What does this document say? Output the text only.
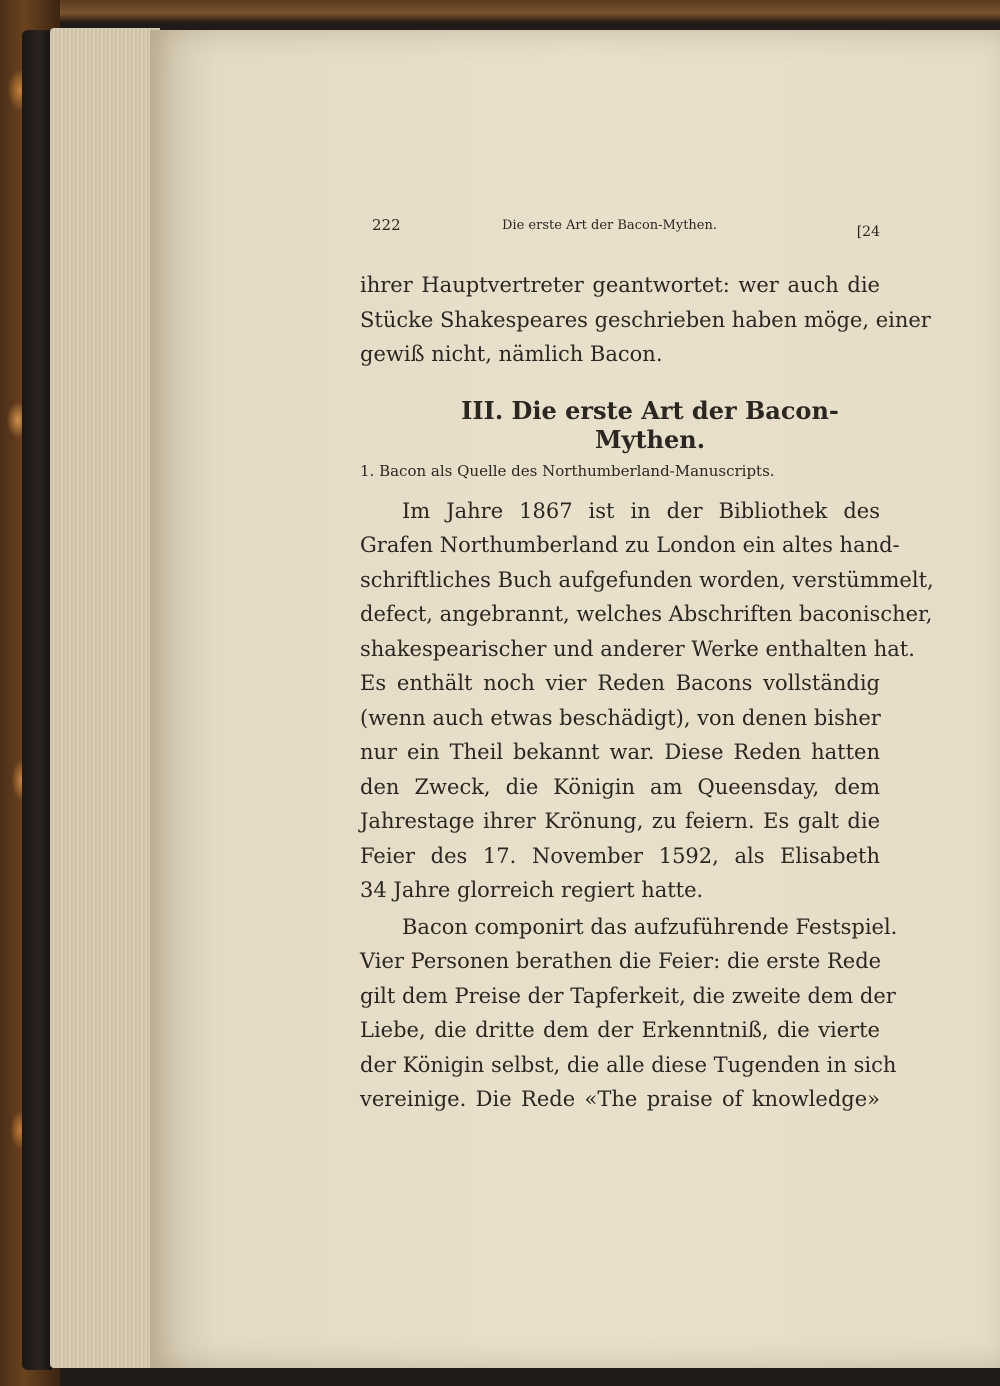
222	Die erste Art der Bacon-Mythen.	[24
ihrer Hauptvertreter geantwortet: wer auch die
Stücke Shakespeares geschrieben haben möge, einer
gewiß nicht, nämlich Bacon.
III. Die erste Art der Bacon-Mythen.
1. Bacon als Quelle des Northumberland-Manuscripts.
Im Jahre 1867 ist in der Bibliothek des
Grafen Northumberland zu London ein altes hand-
schriftliches Buch aufgefunden worden, verstümmelt,
defect, angebrannt, welches Abschriften baconischer,
shakespearischer und anderer Werke enthalten hat.
Es enthält noch vier Reden Bacons vollständig
(wenn auch etwas beschädigt), von denen bisher
nur ein Theil bekannt war. Diese Reden hatten
den Zweck, die Königin am Queensday, dem
Jahrestage ihrer Krönung, zu feiern. Es galt die
Feier des 17. November 1592, als Elisabeth
34 Jahre glorreich regiert hatte.
Bacon componirt das aufzuführende Festspiel.
Vier Personen berathen die Feier: die erste Rede
gilt dem Preise der Tapferkeit, die zweite dem der
Liebe, die dritte dem der Erkenntniß, die vierte
der Königin selbst, die alle diese Tugenden in sich
vereinige. Die Rede «The praise of knowledge»
